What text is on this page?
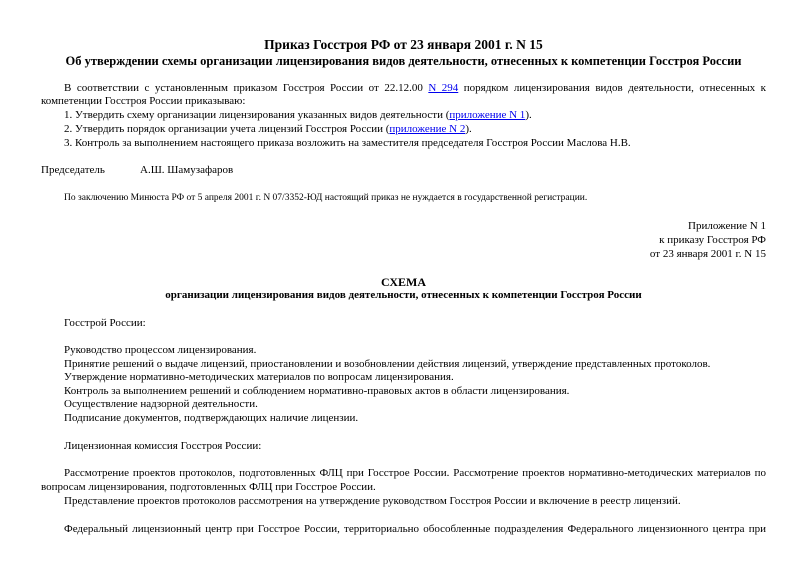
Приказ Госстроя РФ от 23 января 2001 г. N 15
Об утверждении схемы организации лицензирования видов деятельности, отнесенных к компетенции Госстроя России
В соответствии с установленным приказом Госстроя России от 22.12.00 N 294 порядком лицензирования видов деятельности, отнесенных к
компетенции Госстроя России приказываю:
1. Утвердить схему организации лицензирования указанных видов деятельности (приложение N 1).
2. Утвердить порядок организации учета лицензий Госстроя России (приложение N 2).
3. Контроль за выполнением настоящего приказа возложить на заместителя председателя Госстроя России Маслова Н.В.
Председатель	А.Ш. Шамузафаров
По заключению Минюста РФ от 5 апреля 2001 г. N 07/3352-ЮД настоящий приказ не нуждается в государственной регистрации.
Приложение N 1
к приказу Госстроя РФ
от 23 января 2001 г. N 15
СХЕМА
организации лицензирования видов деятельности, отнесенных к компетенции Госстроя России
Госстрой России:
Руководство процессом лицензирования.
Принятие решений о выдаче лицензий, приостановлении и возобновлении действия лицензий, утверждение представленных протоколов.
Утверждение нормативно-методических материалов по вопросам лицензирования.
Контроль за выполнением решений и соблюдением нормативно-правовых актов в области лицензирования.
Осуществление надзорной деятельности.
Подписание документов, подтверждающих наличие лицензии.
Лицензионная комиссия Госстроя России:
Рассмотрение проектов протоколов, подготовленных ФЛЦ при Госстрое России. Рассмотрение проектов нормативно-методических материалов по
вопросам лицензирования, подготовленных ФЛЦ при Госстрое России.
Представление проектов протоколов рассмотрения на утверждение руководством Госстроя России и включение в реестр лицензий.
Федеральный лицензионный центр при Госстрое России, территориально обособленные подразделения Федерального лицензионного центра при
